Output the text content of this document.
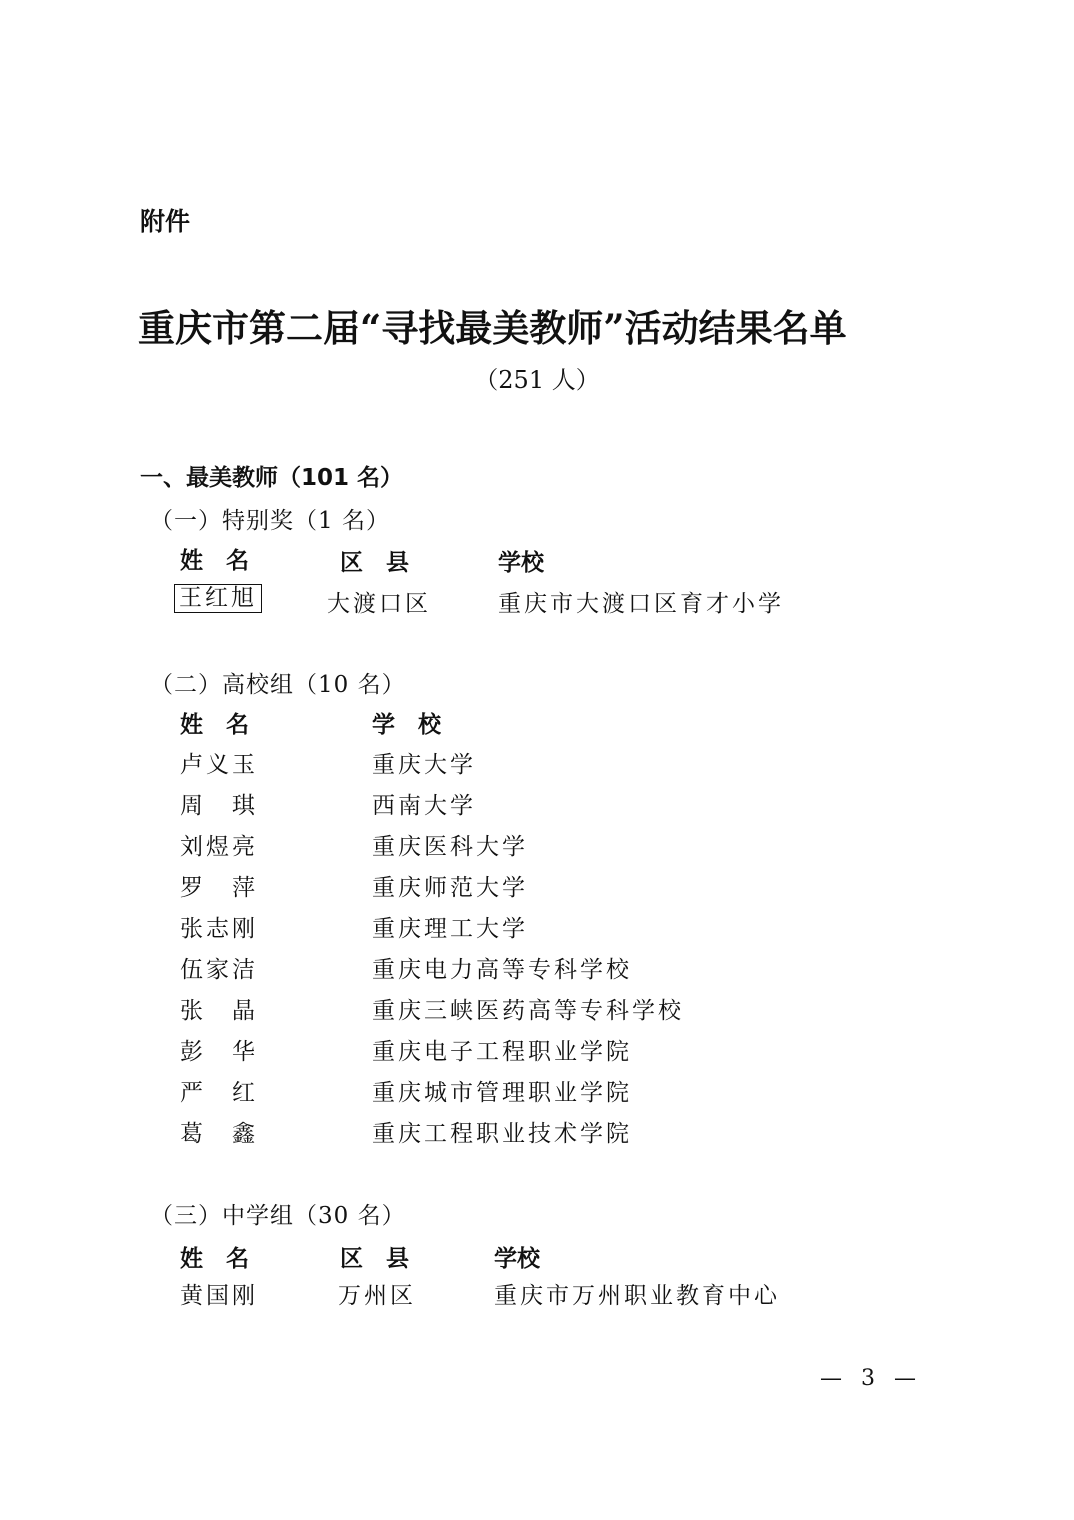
附件
重庆市第二届“寻找最美教师”活动结果名单
（251 人）
一、最美教师（101 名）
（一）特别奖（1 名）
姓　名	区　县	学校
王红旭	大渡口区	重庆市大渡口区育才小学
（二）高校组（10 名）
姓　名	学　校
卢义玉	重庆大学
周　琪	西南大学
刘煜亮	重庆医科大学
罗　萍	重庆师范大学
张志刚	重庆理工大学
伍家洁	重庆电力高等专科学校
张　晶	重庆三峡医药高等专科学校
彭　华	重庆电子工程职业学院
严　红	重庆城市管理职业学院
葛　鑫	重庆工程职业技术学院
（三）中学组（30 名）
姓　名	区　县	学校
黄国刚	万州区	重庆市万州职业教育中心
— 3 —
